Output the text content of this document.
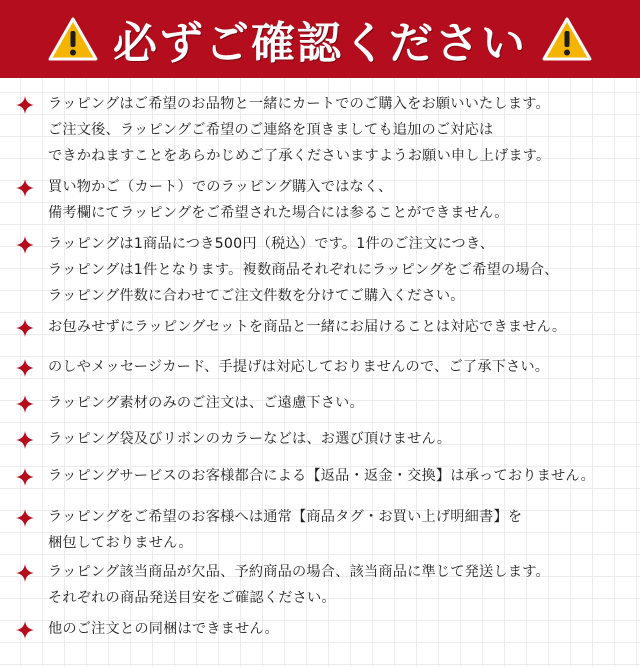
必ずご確認ください
ラッピングはご希望のお品物と一緒にカートでのご購入をお願いいたします。
ご注文後、ラッピングご希望のご連絡を頂きましても追加のご対応は
できかねますことをあらかじめご了承くださいますようお願い申し上げます。
買い物かご（カート）でのラッピング購入ではなく、
備考欄にてラッピングをご希望された場合には参ることができません。
ラッピングは1商品につき500円（税込）です。1件のご注文につき、
ラッピングは1件となります。複数商品それぞれにラッピングをご希望の場合、
ラッピング件数に合わせてご注文件数を分けてご購入ください。
お包みせずにラッピングセットを商品と一緒にお届けることは対応できません。
のしやメッセージカード、手提げは対応しておりませんので、ご了承下さい。
ラッピング素材のみのご注文は、ご遠慮下さい。
ラッピング袋及びリボンのカラーなどは、お選び頂けません。
ラッピングサービスのお客様都合による【返品・返金・交換】は承っておりません。
ラッピングをご希望のお客様へは通常【商品タグ・お買い上げ明細書】を
梱包しておりません。
ラッピング該当商品が欠品、予約商品の場合、該当商品に準じて発送します。
それぞれの商品発送目安をご確認ください。
他のご注文との同梱はできません。
